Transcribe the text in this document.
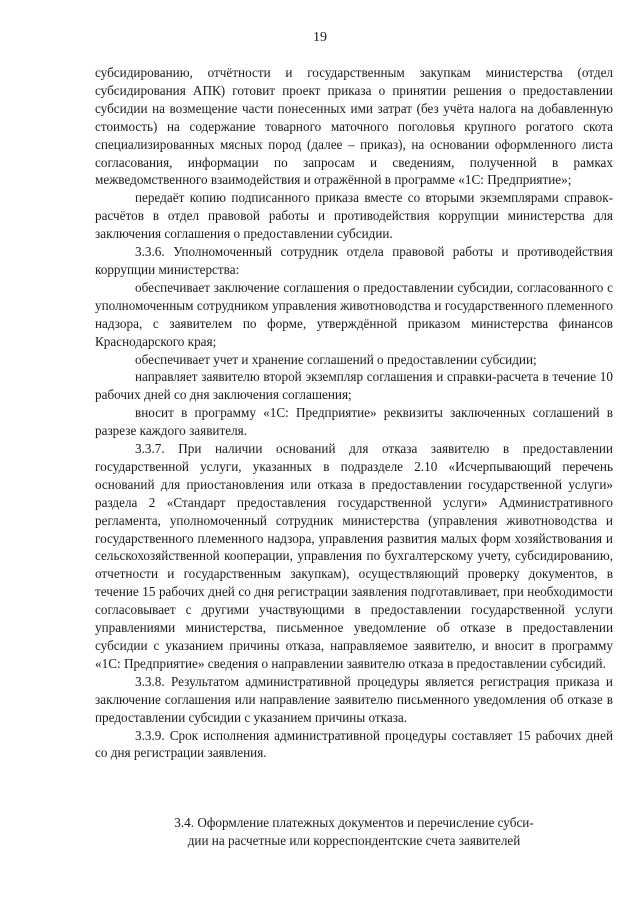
19

субсидированию, отчётности и государственным закупкам министерства (отдел субсидирования АПК) готовит проект приказа о принятии решения о предоставлении субсидии на возмещение части понесенных ими затрат (без учёта налога на добавленную стоимость) на содержание товарного маточного поголовья крупного рогатого скота специализированных мясных пород (далее – приказ), на основании оформленного листа согласования, информации по запросам и сведениям, полученной в рамках межведомственного взаимодействия и отражённой в программе «1С: Предприятие»;

передаёт копию подписанного приказа вместе со вторыми экземплярами справок-расчётов в отдел правовой работы и противодействия коррупции министерства для заключения соглашения о предоставлении субсидии.

3.3.6. Уполномоченный сотрудник отдела правовой работы и противодействия коррупции министерства:

обеспечивает заключение соглашения о предоставлении субсидии, согласованного с уполномоченным сотрудником управления животноводства и государственного племенного надзора, с заявителем по форме, утверждённой приказом министерства финансов Краснодарского края;

обеспечивает учет и хранение соглашений о предоставлении субсидии;

направляет заявителю второй экземпляр соглашения и справки-расчета в течение 10 рабочих дней со дня заключения соглашения;

вносит в программу «1С: Предприятие» реквизиты заключенных соглашений в разрезе каждого заявителя.

3.3.7. При наличии оснований для отказа заявителю в предоставлении государственной услуги, указанных в подразделе 2.10 «Исчерпывающий перечень оснований для приостановления или отказа в предоставлении государственной услуги» раздела 2 «Стандарт предоставления государственной услуги» Административного регламента, уполномоченный сотрудник министерства (управления животноводства и государственного племенного надзора, управления развития малых форм хозяйствования и сельскохозяйственной кооперации, управления по бухгалтерскому учету, субсидированию, отчетности и государственным закупкам), осуществляющий проверку документов, в течение 15 рабочих дней со дня регистрации заявления подготавливает, при необходимости согласовывает с другими участвующими в предоставлении государственной услуги управлениями министерства, письменное уведомление об отказе в предоставлении субсидии с указанием причины отказа, направляемое заявителю, и вносит в программу «1С: Предприятие» сведения о направлении заявителю отказа в предоставлении субсидий.

3.3.8. Результатом административной процедуры является регистрация приказа и заключение соглашения или направление заявителю письменного уведомления об отказе в предоставлении субсидии с указанием причины отказа.

3.3.9. Срок исполнения административной процедуры составляет 15 рабочих дней со дня регистрации заявления.

3.4. Оформление платежных документов и перечисление субси-
дии на расчетные или корреспондентские счета заявителей
